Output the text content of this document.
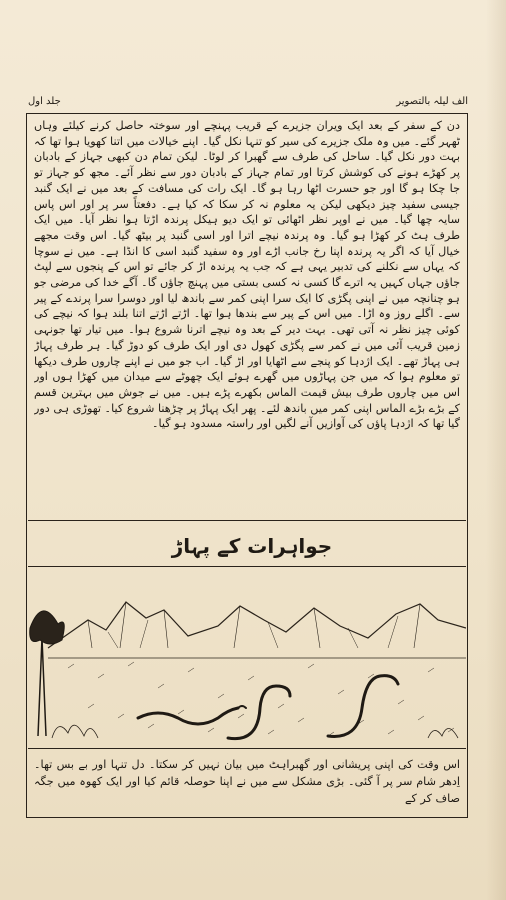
جلد اول	الف لیلہ بالتصویر
دن کے سفر کے بعد ایک ویران جزیرے کے قریب پہنچے اور سوختہ حاصل کرنے کیلئے وہاں ٹھہر گئے۔ میں وہ ملک جزیرے کی سیر کو تنہا نکل گیا۔ اپنے خیالات میں اتنا کھویا ہوا تھا کہ بہت دور نکل گیا۔ ساحل کی طرف سے گھبرا کر لوٹا۔ لیکن تمام دن کبھی جہاز کے بادبان پر کھڑے ہونے کی کوشش کرتا اور تمام جہاز کے بادبان دور سے نظر آئے۔ مجھ کو جہاز تو جا چکا ہو گا اور جو حسرت اٹھا رہا ہو گا۔ ایک رات کی مسافت کے بعد میں نے ایک گنبد جیسی سفید چیز دیکھی لیکن یہ معلوم نہ کر سکا کہ کیا ہے۔ دفعتاً سر پر اور اس پاس سایہ چھا گیا۔ میں نے اوپر نظر اٹھائی تو ایک دیو ہیکل پرندہ اڑتا ہوا نظر آیا۔ میں ایک طرف ہٹ کر کھڑا ہو گیا۔ وہ پرندہ نیچے اترا اور اسی گنبد پر بیٹھ گیا۔ اس وقت مجھے خیال آیا کہ اگر یہ پرندہ اپنا رخ جانب اڑے اور وہ سفید گنبد اسی کا انڈا ہے۔ میں نے سوچا کہ یہاں سے نکلنے کی تدبیر یہی ہے کہ جب یہ پرندہ اڑ کر جائے تو اس کے پنجوں سے لپٹ جاؤں جہاں کہیں یہ اترے گا کسی نہ کسی بستی میں پہنچ جاؤں گا۔ آگے خدا کی مرضی جو ہو چنانچہ میں نے اپنی پگڑی کا ایک سرا اپنی کمر سے باندھ لیا اور دوسرا سرا پرندے کے پیر سے۔ اگلے روز وہ اڑا۔ میں اس کے پیر سے بندھا ہوا تھا۔ اڑتے اڑتے اتنا بلند ہوا کہ نیچے کی کوئی چیز نظر نہ آتی تھی۔ بہت دیر کے بعد وہ نیچے اترنا شروع ہوا۔ میں تیار تھا جونہی زمین قریب آئی میں نے کمر سے پگڑی کھول دی اور ایک طرف کو دوڑ گیا۔ ہر طرف پہاڑ ہی پہاڑ تھے۔ ایک اژدہا کو پنجے سے اٹھایا اور اڑ گیا۔ اب جو میں نے اپنے چاروں طرف دیکھا تو معلوم ہوا کہ میں جن پہاڑوں میں گھرے ہوئے ایک چھوٹے سے میدان میں کھڑا ہوں اور اس میں چاروں طرف بیش قیمت الماس بکھرے پڑے ہیں۔ میں نے جوش میں بہترین قسم کے بڑے بڑے الماس اپنی کمر میں باندھ لئے۔ پھر ایک پہاڑ پر چڑھنا شروع کیا۔ تھوڑی ہی دور گیا تھا کہ اژدہا پاؤں کی آوازیں آنے لگیں اور راستہ مسدود ہو گیا۔
جواہرات کے پہاڑ
اس وقت کی اپنی پریشانی اور گھبراہٹ میں بیان نہیں کر سکتا۔ دل تنہا اور بے بس تھا۔ اِدھر شام سر پر آ گئی۔ بڑی مشکل سے میں نے اپنا حوصلہ قائم کیا اور ایک کھوہ میں جگہ صاف کر کے
